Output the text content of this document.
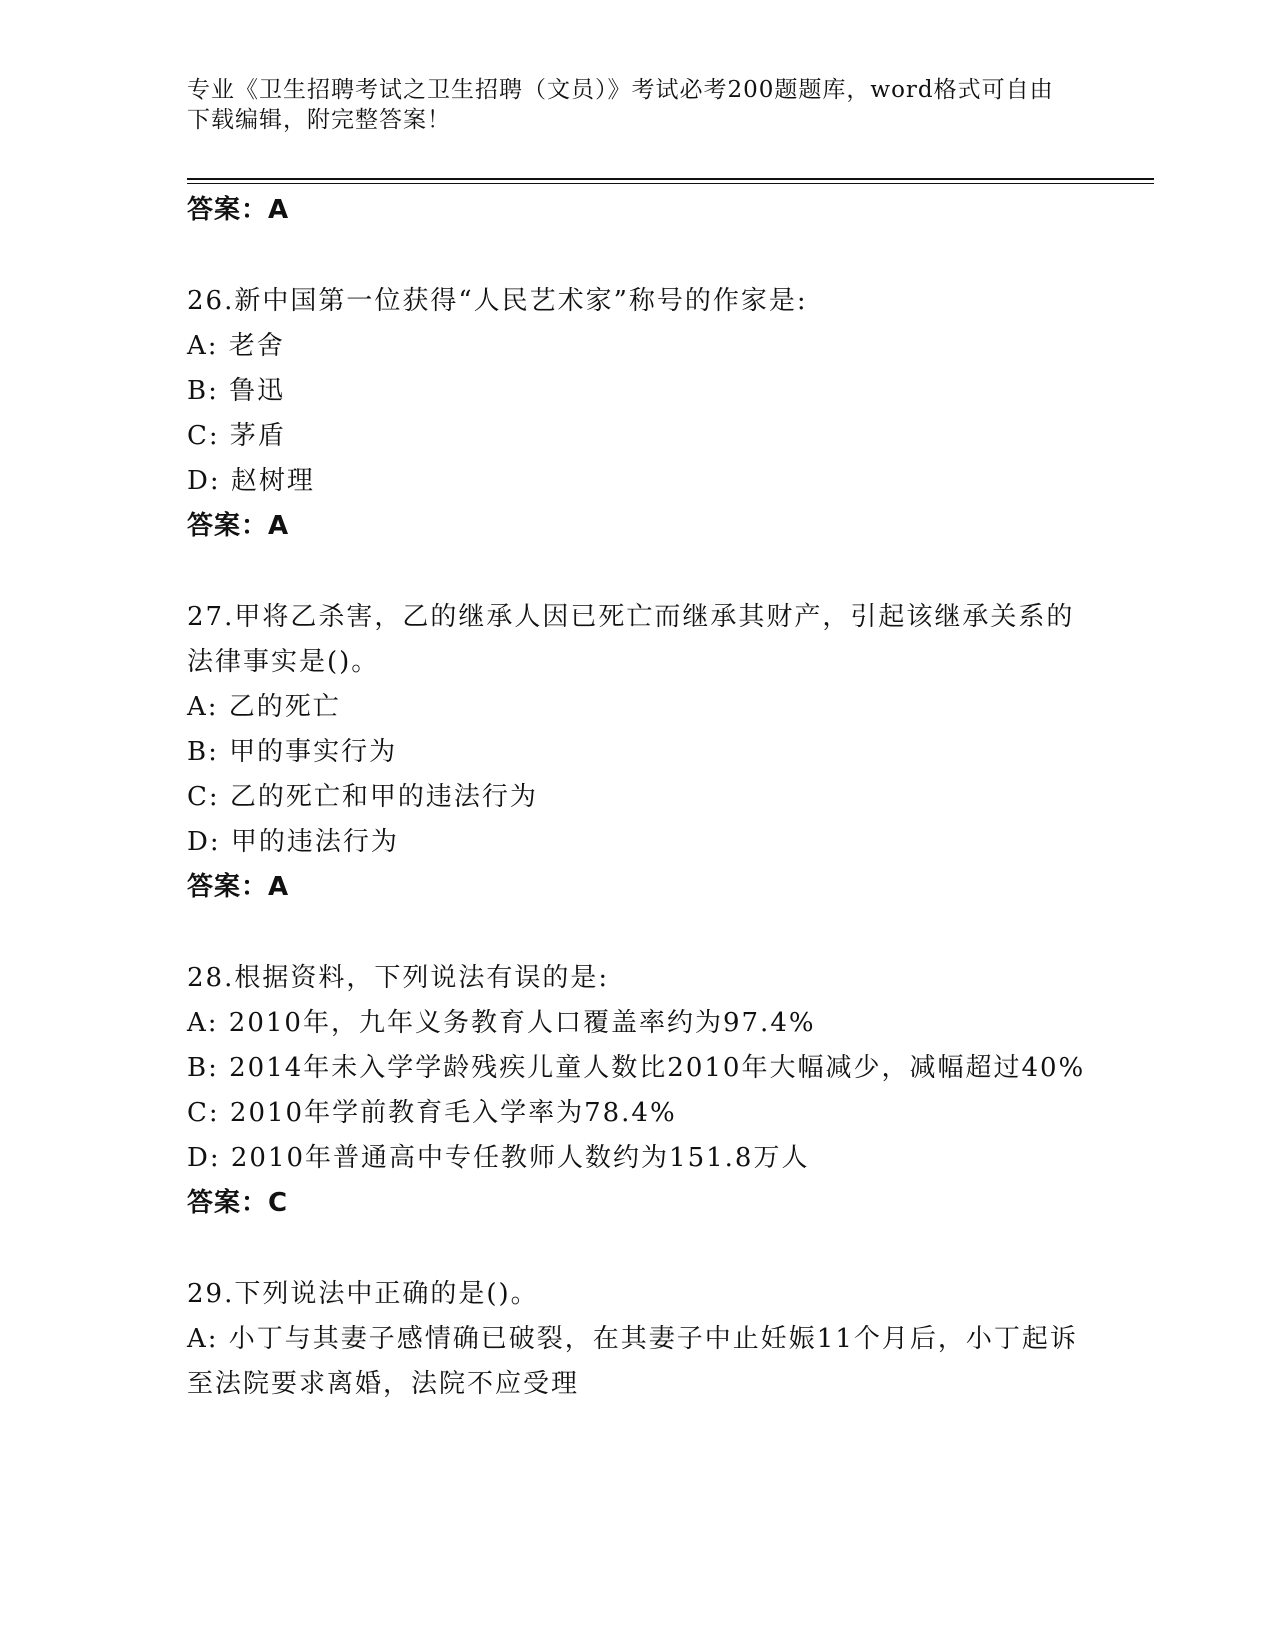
专业《卫生招聘考试之卫生招聘（文员）》考试必考200题题库，word格式可自由下载编辑，附完整答案！
答案：A
26.新中国第一位获得“人民艺术家”称号的作家是:
A: 老舍
B: 鲁迅
C: 茅盾
D: 赵树理
答案：A
27.甲将乙杀害，乙的继承人因已死亡而继承其财产，引起该继承关系的法律事实是()。
A: 乙的死亡
B: 甲的事实行为
C: 乙的死亡和甲的违法行为
D: 甲的违法行为
答案：A
28.根据资料，下列说法有误的是:
A: 2010年，九年义务教育人口覆盖率约为97.4%
B: 2014年未入学学龄残疾儿童人数比2010年大幅减少，减幅超过40%
C: 2010年学前教育毛入学率为78.4%
D: 2010年普通高中专任教师人数约为151.8万人
答案：C
29.下列说法中正确的是()。
A: 小丁与其妻子感情确已破裂，在其妻子中止妊娠11个月后，小丁起诉至法院要求离婚，法院不应受理
